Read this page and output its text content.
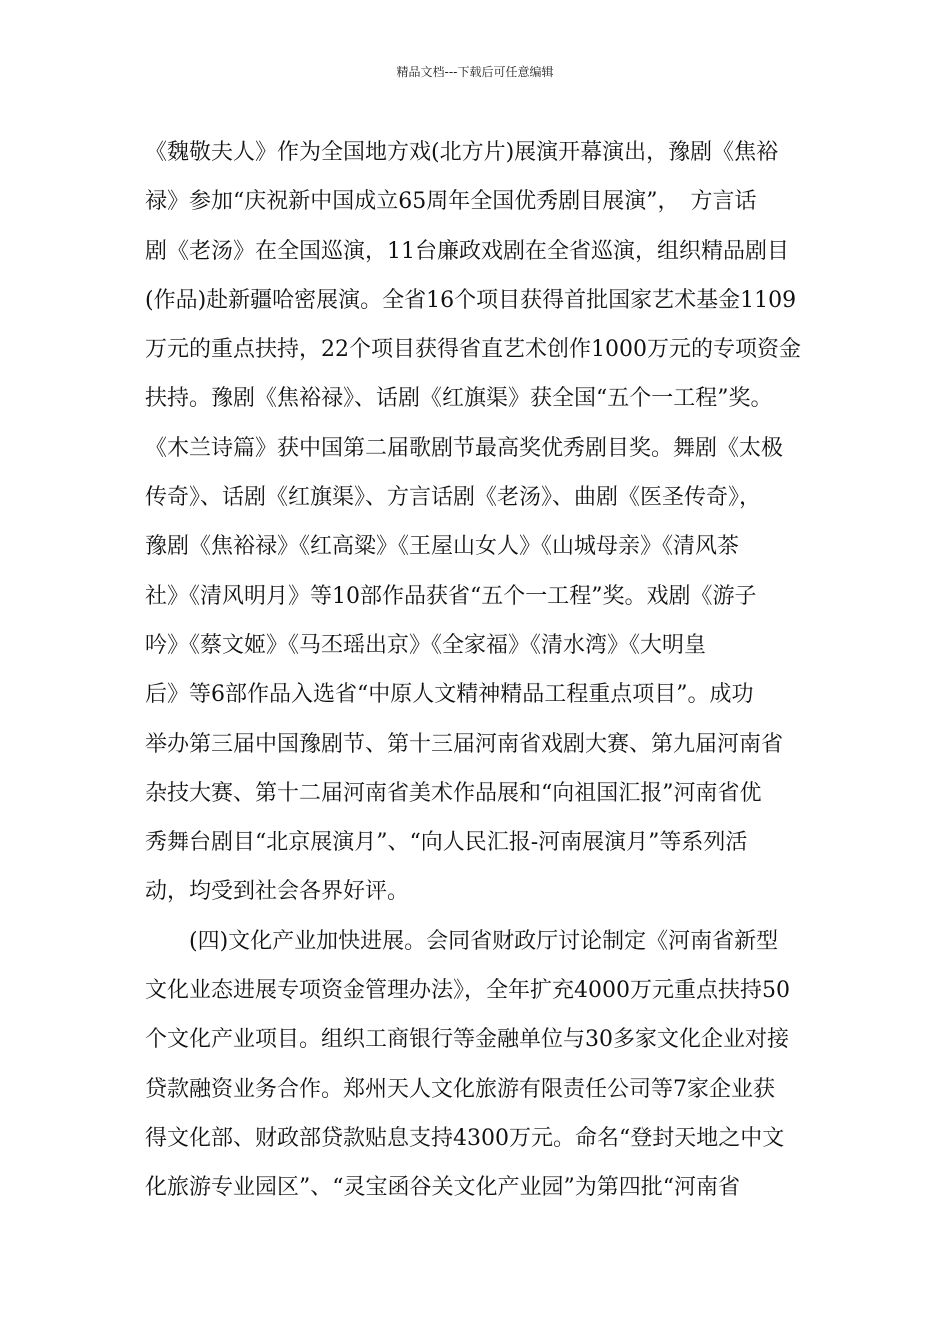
精品文档---下载后可任意编辑
《魏敬夫人》作为全国地方戏(北方片)展演开幕演出，豫剧《焦裕
禄》参加“庆祝新中国成立65周年全国优秀剧目展演”，　方言话
剧《老汤》在全国巡演，11台廉政戏剧在全省巡演，组织精品剧目
(作品)赴新疆哈密展演。全省16个项目获得首批国家艺术基金1109
万元的重点扶持，22个项目获得省直艺术创作1000万元的专项资金
扶持。豫剧《焦裕禄》、话剧《红旗渠》获全国“五个一工程”奖。
《木兰诗篇》获中国第二届歌剧节最高奖优秀剧目奖。舞剧《太极
传奇》、话剧《红旗渠》、方言话剧《老汤》、曲剧《医圣传奇》，
豫剧《焦裕禄》《红高粱》《王屋山女人》《山城母亲》《清风茶
社》《清风明月》等10部作品获省“五个一工程”奖。戏剧《游子
吟》《蔡文姬》《马丕瑶出京》《全家福》《清水湾》《大明皇
后》等6部作品入选省“中原人文精神精品工程重点项目”。成功
举办第三届中国豫剧节、第十三届河南省戏剧大赛、第九届河南省
杂技大赛、第十二届河南省美术作品展和“向祖国汇报”河南省优
秀舞台剧目“北京展演月”、“向人民汇报-河南展演月”等系列活
动，均受到社会各界好评。
(四)文化产业加快进展。会同省财政厅讨论制定《河南省新型
文化业态进展专项资金管理办法》，全年扩充4000万元重点扶持50
个文化产业项目。组织工商银行等金融单位与30多家文化企业对接
贷款融资业务合作。郑州天人文化旅游有限责任公司等7家企业获
得文化部、财政部贷款贴息支持4300万元。命名“登封天地之中文
化旅游专业园区”、“灵宝函谷关文化产业园”为第四批“河南省
